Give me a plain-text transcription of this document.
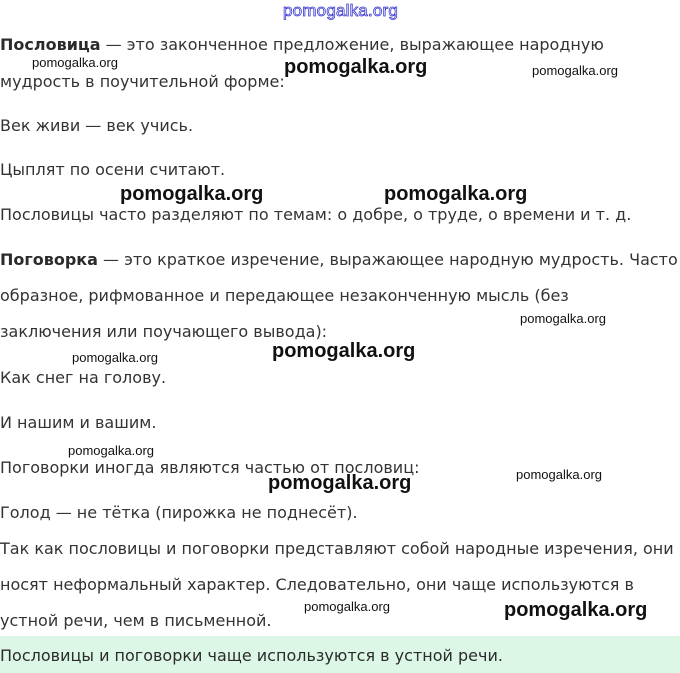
pomogalka.org

Пословица — это законченное предложение, выражающее народную

мудрость в поучительной форме:

Век живи — век учись.

Цыплят по осени считают.

Пословицы часто разделяют по темам: о добре, о труде, о времени и т. д.

Поговорка — это краткое изречение, выражающее народную мудрость. Часто

образное, рифмованное и передающее незаконченную мысль (без

заключения или поучающего вывода):

Как снег на голову.

И нашим и вашим.

Поговорки иногда являются частью от пословиц:

Голод — не тётка (пирожка не поднесёт).

Так как пословицы и поговорки представляют собой народные изречения, они

носят неформальный характер. Следовательно, они чаще используются в

устной речи, чем в письменной.

Пословицы и поговорки чаще используются в устной речи.

pomogalka.org	pomogalka.org	pomogalka.org
pomogalka.org	pomogalka.org
pomogalka.org
pomogalka.org	pomogalka.org
pomogalka.org
pomogalka.org
pomogalka.org
pomogalka.org	pomogalka.org
